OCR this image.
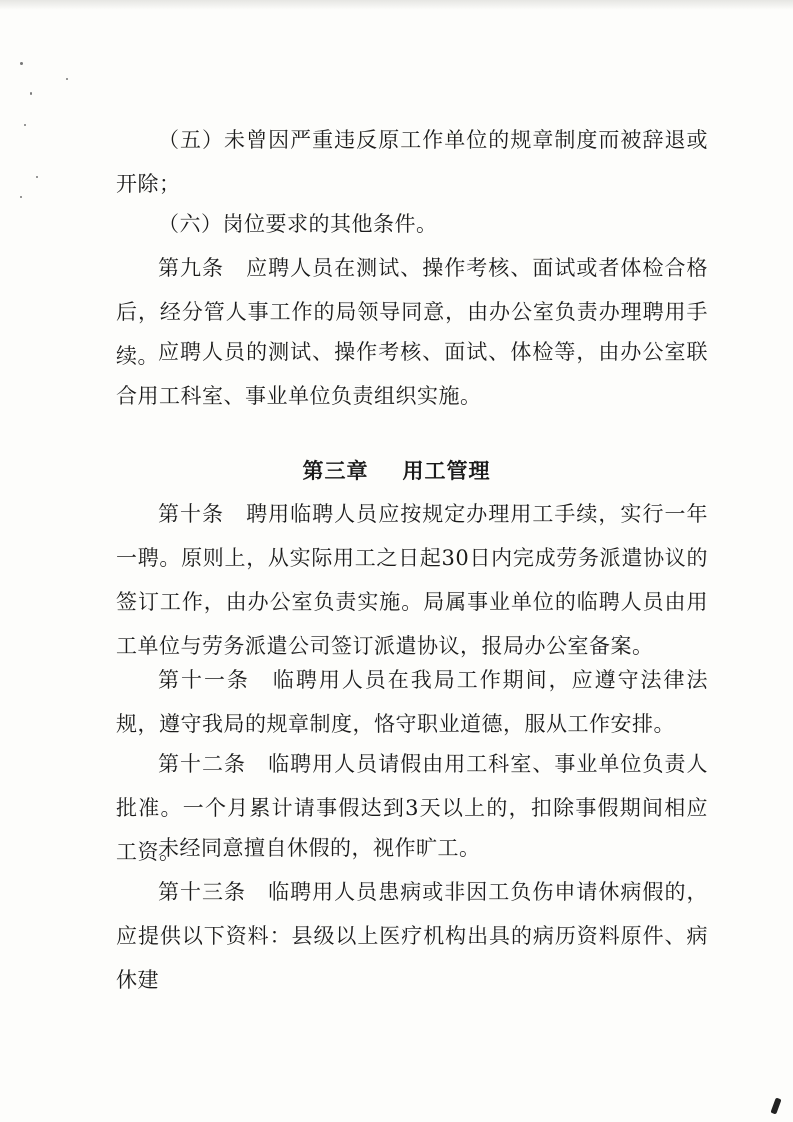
（五）未曾因严重违反原工作单位的规章制度而被辞退或开除；

（六）岗位要求的其他条件。

第九条　应聘人员在测试、操作考核、面试或者体检合格后，经分管人事工作的局领导同意，由办公室负责办理聘用手续。 应聘人员的测试、操作考核、面试、体检等，由办公室联合用工科室、事业单位负责组织实施。

第三章 用工管理

第十条　聘用临聘人员应按规定办理用工手续，实行一年一聘。原则上，从实际用工之日起30日内完成劳务派遣协议的签订工作，由办公室负责实施。局属事业单位的临聘人员由用工单位与劳务派遣公司签订派遣协议，报局办公室备案。

第十一条　临聘用人员在我局工作期间，应遵守法律法规，遵守我局的规章制度，恪守职业道德，服从工作安排。

第十二条　临聘用人员请假由用工科室、事业单位负责人批准。一个月累计请事假达到3天以上的，扣除事假期间相应工资。

未经同意擅自休假的，视作旷工。

第十三条　临聘用人员患病或非因工负伤申请休病假的，应提供以下资料：县级以上医疗机构出具的病历资料原件、病休建
